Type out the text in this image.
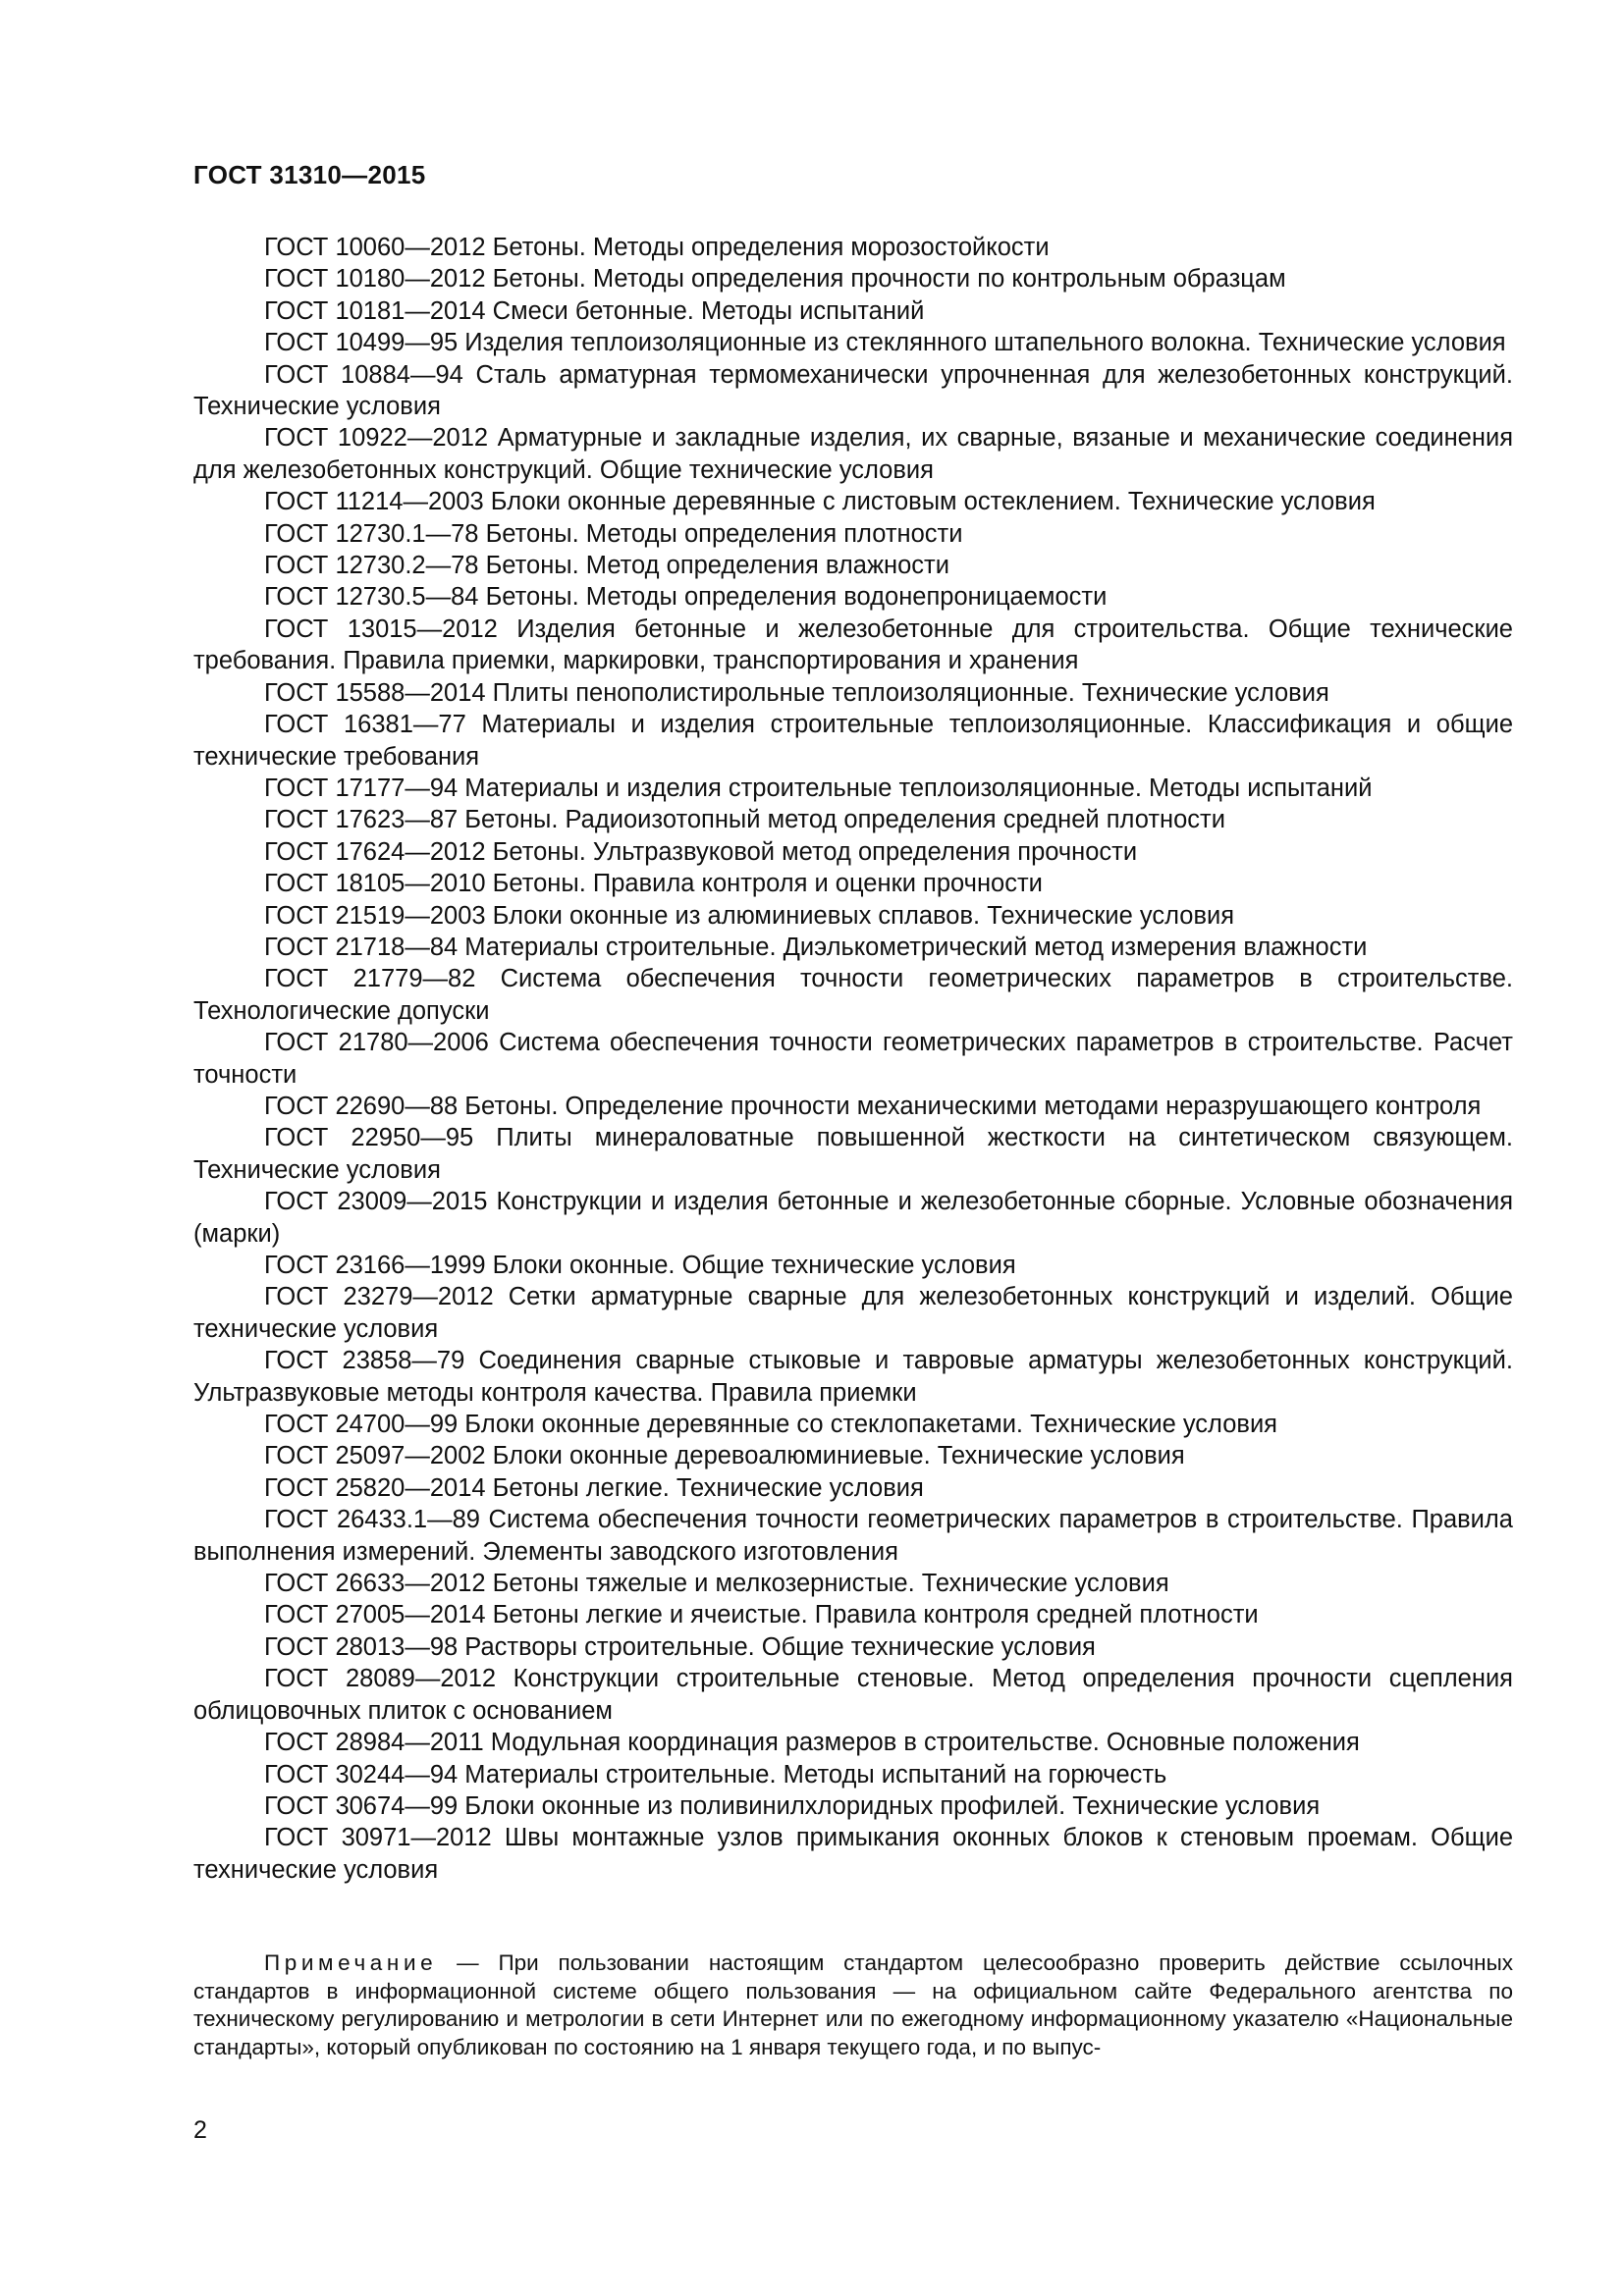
ГОСТ 31310—2015

ГОСТ 10060—2012 Бетоны. Методы определения морозостойкости

ГОСТ 10180—2012 Бетоны. Методы определения прочности по контрольным образцам

ГОСТ 10181—2014 Смеси бетонные. Методы испытаний

ГОСТ 10499—95 Изделия теплоизоляционные из стеклянного штапельного волокна. Технические условия

ГОСТ 10884—94 Сталь арматурная термомеханически упрочненная для железобетонных конструкций. Технические условия

ГОСТ 10922—2012 Арматурные и закладные изделия, их сварные, вязаные и механические соединения для железобетонных конструкций. Общие технические условия

ГОСТ 11214—2003 Блоки оконные деревянные с листовым остеклением. Технические условия

ГОСТ 12730.1—78 Бетоны. Методы определения плотности

ГОСТ 12730.2—78 Бетоны. Метод определения влажности

ГОСТ 12730.5—84 Бетоны. Методы определения водонепроницаемости

ГОСТ 13015—2012 Изделия бетонные и железобетонные для строительства. Общие технические требования. Правила приемки, маркировки, транспортирования и хранения

ГОСТ 15588—2014 Плиты пенополистирольные теплоизоляционные. Технические условия

ГОСТ 16381—77 Материалы и изделия строительные теплоизоляционные. Классификация и общие технические требования

ГОСТ 17177—94 Материалы и изделия строительные теплоизоляционные. Методы испытаний

ГОСТ 17623—87 Бетоны. Радиоизотопный метод определения средней плотности

ГОСТ 17624—2012 Бетоны. Ультразвуковой метод определения прочности

ГОСТ 18105—2010 Бетоны. Правила контроля и оценки прочности

ГОСТ 21519—2003 Блоки оконные из алюминиевых сплавов. Технические условия

ГОСТ 21718—84 Материалы строительные. Диэлькометрический метод измерения влажности

ГОСТ 21779—82 Система обеспечения точности геометрических параметров в строительстве. Технологические допуски

ГОСТ 21780—2006 Система обеспечения точности геометрических параметров в строительстве. Расчет точности

ГОСТ 22690—88 Бетоны. Определение прочности механическими методами неразрушающего контроля

ГОСТ 22950—95 Плиты минераловатные повышенной жесткости на синтетическом связующем. Технические условия

ГОСТ 23009—2015 Конструкции и изделия бетонные и железобетонные сборные. Условные обозначения (марки)

ГОСТ 23166—1999 Блоки оконные. Общие технические условия

ГОСТ 23279—2012 Сетки арматурные сварные для железобетонных конструкций и изделий. Общие технические условия

ГОСТ 23858—79 Соединения сварные стыковые и тавровые арматуры железобетонных конструкций. Ультразвуковые методы контроля качества. Правила приемки

ГОСТ 24700—99 Блоки оконные деревянные со стеклопакетами. Технические условия

ГОСТ 25097—2002 Блоки оконные деревоалюминиевые. Технические условия

ГОСТ 25820—2014 Бетоны легкие. Технические условия

ГОСТ 26433.1—89 Система обеспечения точности геометрических параметров в строительстве. Правила выполнения измерений. Элементы заводского изготовления

ГОСТ 26633—2012 Бетоны тяжелые и мелкозернистые. Технические условия

ГОСТ 27005—2014 Бетоны легкие и ячеистые. Правила контроля средней плотности

ГОСТ 28013—98 Растворы строительные. Общие технические условия

ГОСТ 28089—2012 Конструкции строительные стеновые. Метод определения прочности сцепления облицовочных плиток с основанием

ГОСТ 28984—2011 Модульная координация размеров в строительстве. Основные положения

ГОСТ 30244—94 Материалы строительные. Методы испытаний на горючесть

ГОСТ 30674—99 Блоки оконные из поливинилхлоридных профилей. Технические условия

ГОСТ 30971—2012 Швы монтажные узлов примыкания оконных блоков к стеновым проемам. Общие технические условия

Примечание — При пользовании настоящим стандартом целесообразно проверить действие ссылочных стандартов в информационной системе общего пользования — на официальном сайте Федерального агентства по техническому регулированию и метрологии в сети Интернет или по ежегодному информационному указателю «Национальные стандарты», который опубликован по состоянию на 1 января текущего года, и по выпус-

2
